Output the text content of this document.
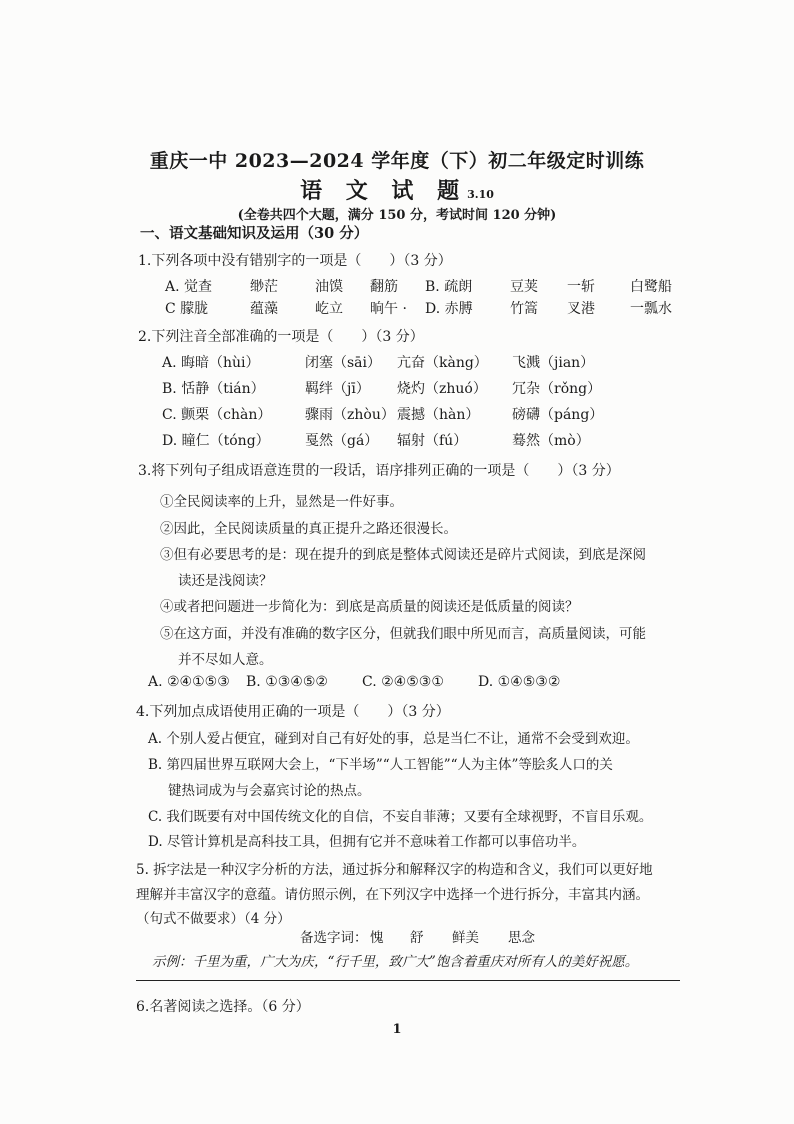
重庆一中 2023—2024 学年度（下）初二年级定时训练
语 文 试 题3.10
(全卷共四个大题，满分 150 分，考试时间 120 分钟)
一、语文基础知识及运用（30 分）
1.下列各项中没有错别字的一项是（　　）（3 分）
A. 觉查	缈茫	油馍 翻筋 B. 疏朗	豆荚 一斩	白鹭船
C 朦胧	蕴藻	屹立 晌午 · D. 赤膊	竹篙 叉港	一瓢水
2.下列注音全部准确的一项是（　　）（3 分）
A. 晦暗（hùi）	闭塞（sāi） 亢奋（kàng） 飞溅（jian）
B. 恬静（tián）	羁绊（jī） 烧灼（zhuó） 冗杂（rǒng）
C. 颤栗（chàn） 骤雨（zhòu） 震撼（hàn） 磅礴（páng）
D. 瞳仁（tóng）	戛然（gá） 辐射（fú）	蓦然（mò）
3.将下列句子组成语意连贯的一段话，语序排列正确的一项是（　　）（3 分）
①全民阅读率的上升，显然是一件好事。
②因此，全民阅读质量的真正提升之路还很漫长。
③但有必要思考的是：现在提升的到底是整体式阅读还是碎片式阅读，到底是深阅
读还是浅阅读？
④或者把问题进一步简化为：到底是高质量的阅读还是低质量的阅读？
⑤在这方面，并没有准确的数字区分，但就我们眼中所见而言，高质量阅读，可能
并不尽如人意。
A. ②④①⑤③ B. ①③④⑤② C. ②④⑤③① D. ①④⑤③②
4.下列加点成语使用正确的一项是（　　）（3 分）
A. 个别人爱占便宜，碰到对自己有好处的事，总是当仁不让，通常不会受到欢迎。
B. 第四届世界互联网大会上，“下半场”“人工智能”“人为主体”等脍炙人口的关
键热词成为与会嘉宾讨论的热点。
C. 我们既要有对中国传统文化的自信，不妄自菲薄；又要有全球视野，不盲目乐观。
D. 尽管计算机是高科技工具，但拥有它并不意味着工作都可以事倍功半。
5. 拆字法是一种汉字分析的方法，通过拆分和解释汉字的构造和含义，我们可以更好地
理解并丰富汉字的意蕴。请仿照示例，在下列汉字中选择一个进行拆分，丰富其内涵。
（句式不做要求）（4 分）
备选字词： 愧 舒 鲜美 思念
示例：千里为重，广大为庆，“行千里，致广大”饱含着重庆对所有人的美好祝愿。
6.名著阅读之选择。（6 分）
1
